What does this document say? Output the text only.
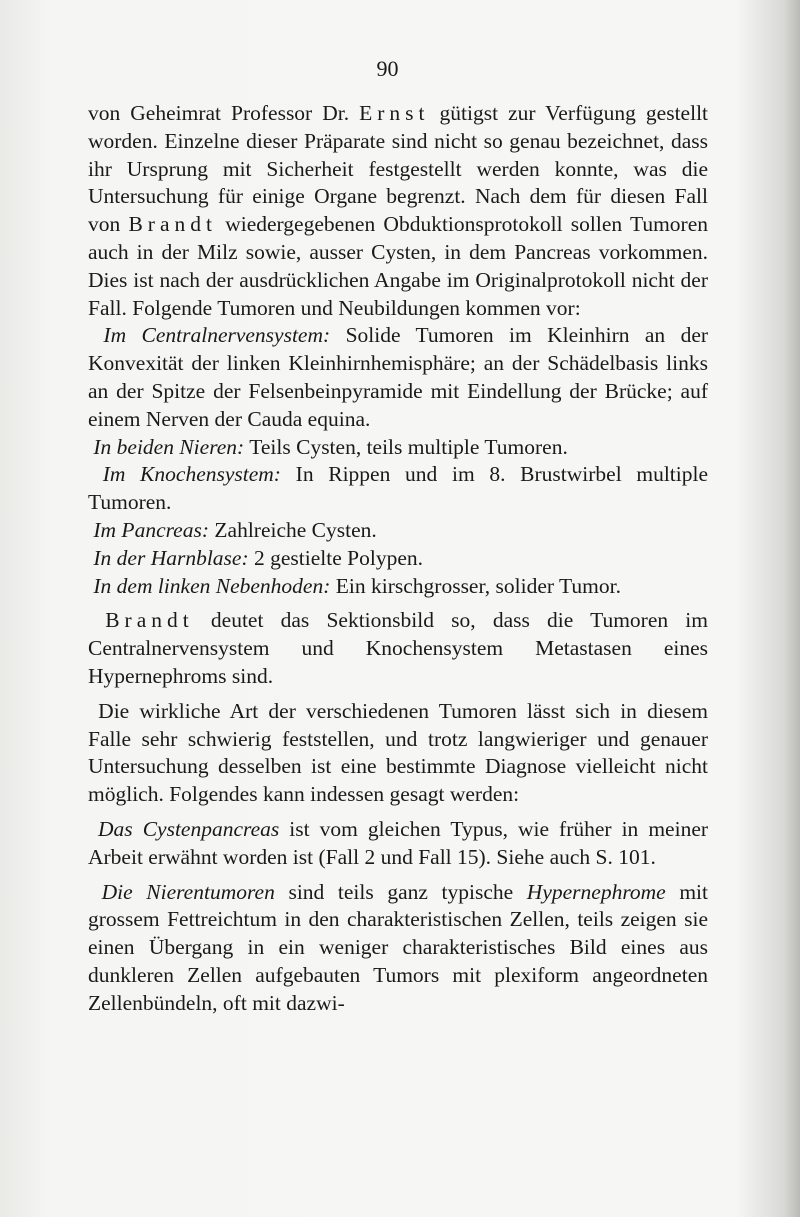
90

von Geheimrat Professor Dr. Ernst gütigst zur Verfügung gestellt worden. Einzelne dieser Präparate sind nicht so genau bezeichnet, dass ihr Ursprung mit Sicherheit festgestellt werden konnte, was die Untersuchung für einige Organe begrenzt. Nach dem für diesen Fall von Brandt wiedergegebenen Obduktionsprotokoll sollen Tumoren auch in der Milz sowie, ausser Cysten, in dem Pancreas vorkommen. Dies ist nach der ausdrücklichen Angabe im Originalprotokoll nicht der Fall. Folgende Tumoren und Neubildungen kommen vor:

Im Centralnervensystem: Solide Tumoren im Kleinhirn an der Konvexität der linken Kleinhirnhemisphäre; an der Schädelbasis links an der Spitze der Felsenbeinpyramide mit Eindellung der Brücke; auf einem Nerven der Cauda equina.

In beiden Nieren: Teils Cysten, teils multiple Tumoren.

Im Knochensystem: In Rippen und im 8. Brustwirbel multiple Tumoren.

Im Pancreas: Zahlreiche Cysten.

In der Harnblase: 2 gestielte Polypen.

In dem linken Nebenhoden: Ein kirschgrosser, solider Tumor.

Brandt deutet das Sektionsbild so, dass die Tumoren im Centralnervensystem und Knochensystem Metastasen eines Hypernephroms sind.

Die wirkliche Art der verschiedenen Tumoren lässt sich in diesem Falle sehr schwierig feststellen, und trotz langwieriger und genauer Untersuchung desselben ist eine bestimmte Diagnose vielleicht nicht möglich. Folgendes kann indessen gesagt werden:

Das Cystenpancreas ist vom gleichen Typus, wie früher in meiner Arbeit erwähnt worden ist (Fall 2 und Fall 15). Siehe auch S. 101.

Die Nierentumoren sind teils ganz typische Hypernephrome mit grossem Fettreichtum in den charakteristischen Zellen, teils zeigen sie einen Übergang in ein weniger charakteristisches Bild eines aus dunkleren Zellen aufgebauten Tumors mit plexiform angeordneten Zellenbündeln, oft mit dazwi-
